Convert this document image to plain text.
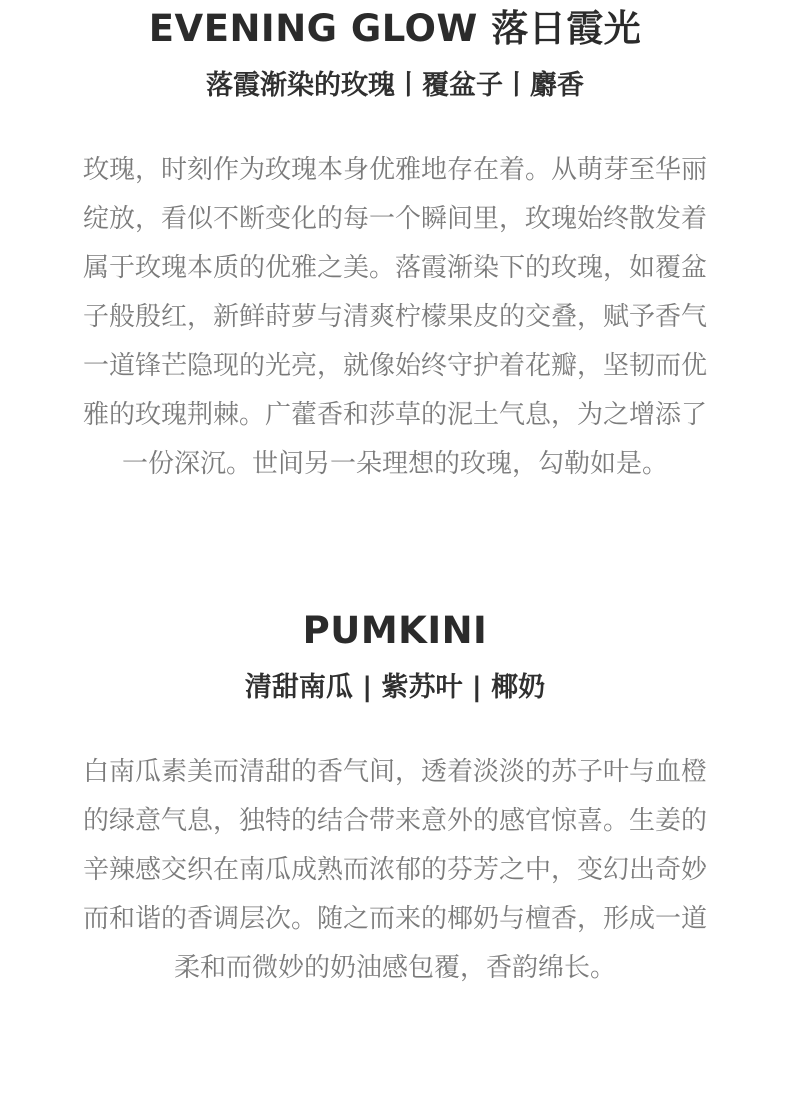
EVENING GLOW 落日霞光
落霞渐染的玫瑰丨覆盆子丨麝香

玫瑰，时刻作为玫瑰本身优雅地存在着。从萌芽至华丽
绽放，看似不断变化的每一个瞬间里，玫瑰始终散发着
属于玫瑰本质的优雅之美。落霞渐染下的玫瑰，如覆盆
子般殷红，新鲜莳萝与清爽柠檬果皮的交叠，赋予香气
一道锋芒隐现的光亮，就像始终守护着花瓣，坚韧而优
雅的玫瑰荆棘。广藿香和莎草的泥土气息，为之增添了
一份深沉。世间另一朵理想的玫瑰，勾勒如是。

PUMKINI
清甜南瓜 | 紫苏叶 | 椰奶

白南瓜素美而清甜的香气间，透着淡淡的苏子叶与血橙
的绿意气息，独特的结合带来意外的感官惊喜。生姜的
辛辣感交织在南瓜成熟而浓郁的芬芳之中，变幻出奇妙
而和谐的香调层次。随之而来的椰奶与檀香，形成一道
柔和而微妙的奶油感包覆，香韵绵长。
